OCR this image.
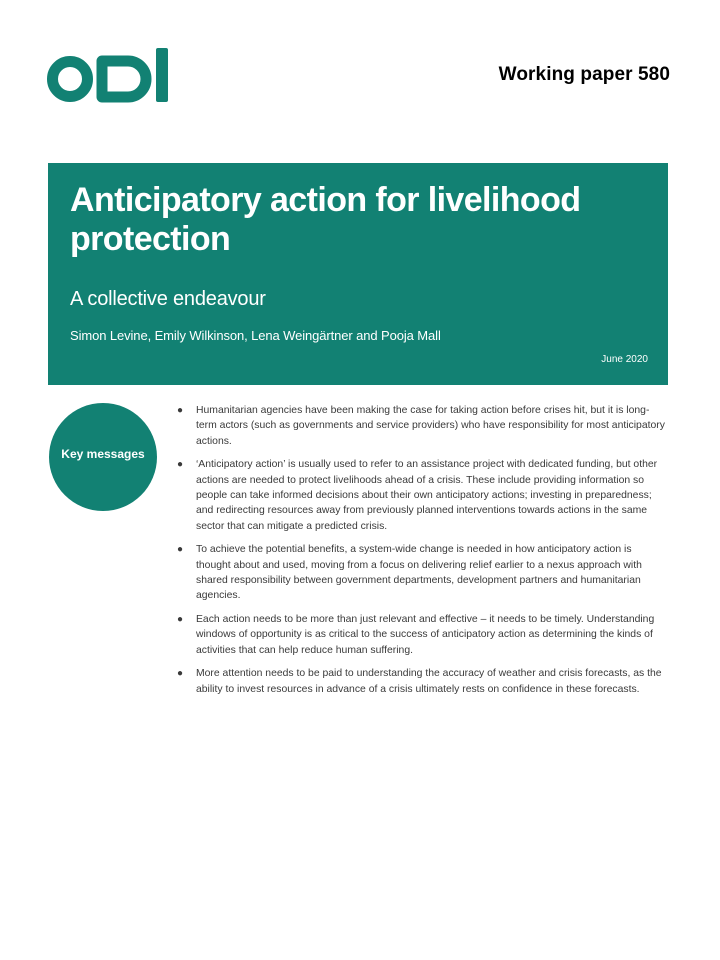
Working paper 580
Anticipatory action for livelihood protection
A collective endeavour
Simon Levine, Emily Wilkinson, Lena Weingärtner and Pooja Mall
June 2020
Key messages
● Humanitarian agencies have been making the case for taking action before crises hit, but it is long-term actors (such as governments and service providers) who have responsibility for most anticipatory actions.
● ‘Anticipatory action’ is usually used to refer to an assistance project with dedicated funding, but other actions are needed to protect livelihoods ahead of a crisis. These include providing information so people can take informed decisions about their own anticipatory actions; investing in preparedness; and redirecting resources away from previously planned interventions towards actions in the same sector that can mitigate a predicted crisis.
● To achieve the potential benefits, a system-wide change is needed in how anticipatory action is thought about and used, moving from a focus on delivering relief earlier to a nexus approach with shared responsibility between government departments, development partners and humanitarian agencies.
● Each action needs to be more than just relevant and effective – it needs to be timely. Understanding windows of opportunity is as critical to the success of anticipatory action as determining the kinds of activities that can help reduce human suffering.
● More attention needs to be paid to understanding the accuracy of weather and crisis forecasts, as the ability to invest resources in advance of a crisis ultimately rests on confidence in these forecasts.
